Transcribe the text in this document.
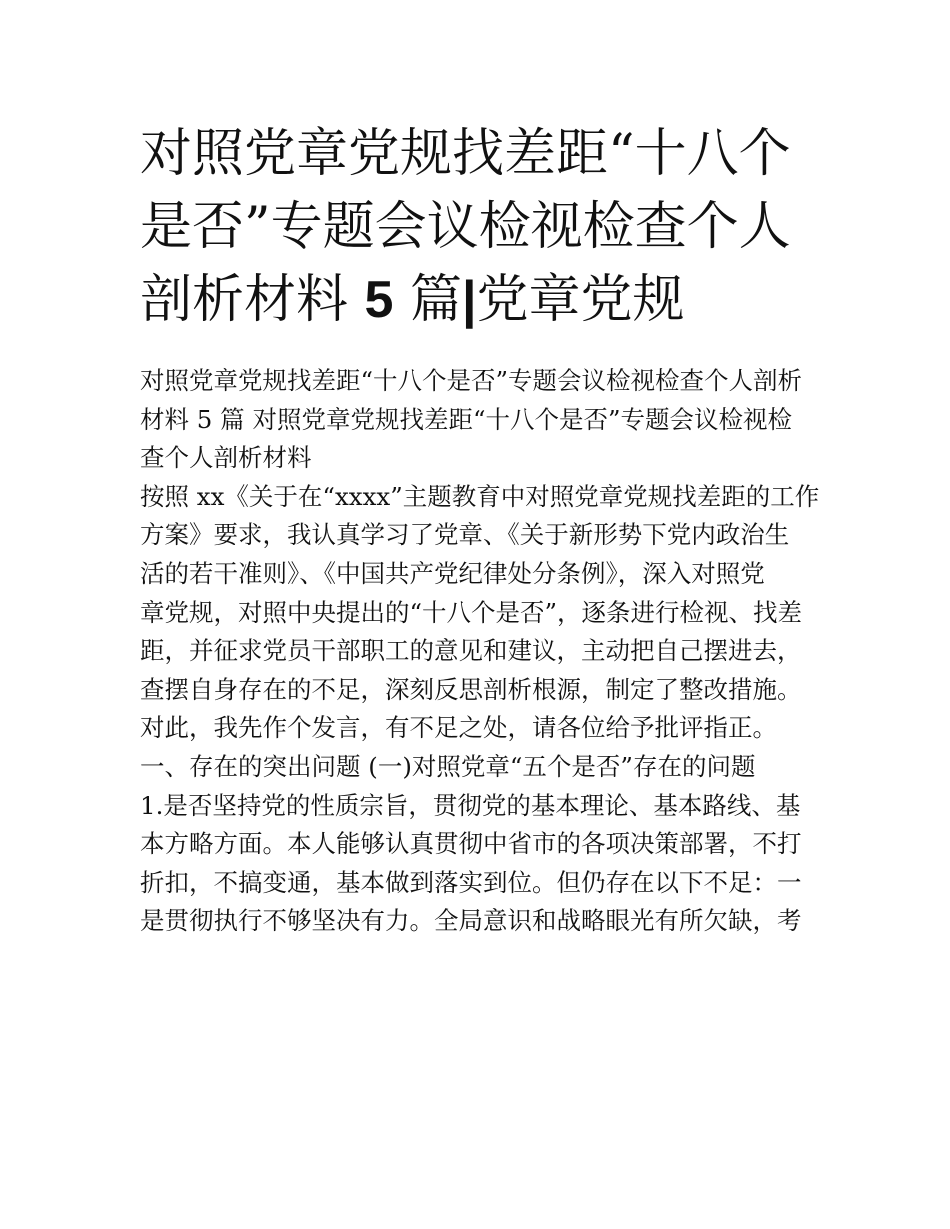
对照党章党规找差距“十八个是否”专题会议检视检查个人剖析材料 5 篇|党章党规

对照党章党规找差距“十八个是否”专题会议检视检查个人剖析

材料 5 篇 对照党章党规找差距“十八个是否”专题会议检视检

查个人剖析材料

按照 xx《关于在“xxxx”主题教育中对照党章党规找差距的工作

方案》要求，我认真学习了党章、《关于新形势下党内政治生

活的若干准则》、《中国共产党纪律处分条例》，深入对照党

章党规，对照中央提出的“十八个是否”，逐条进行检视、找差

距，并征求党员干部职工的意见和建议，主动把自己摆进去，

查摆自身存在的不足，深刻反思剖析根源，制定了整改措施。

对此，我先作个发言，有不足之处，请各位给予批评指正。

一、存在的突出问题 (一)对照党章“五个是否”存在的问题

1.是否坚持党的性质宗旨，贯彻党的基本理论、基本路线、基

本方略方面。本人能够认真贯彻中省市的各项决策部署，不打

折扣，不搞变通，基本做到落实到位。但仍存在以下不足：一

是贯彻执行不够坚决有力。全局意识和战略眼光有所欠缺，考
